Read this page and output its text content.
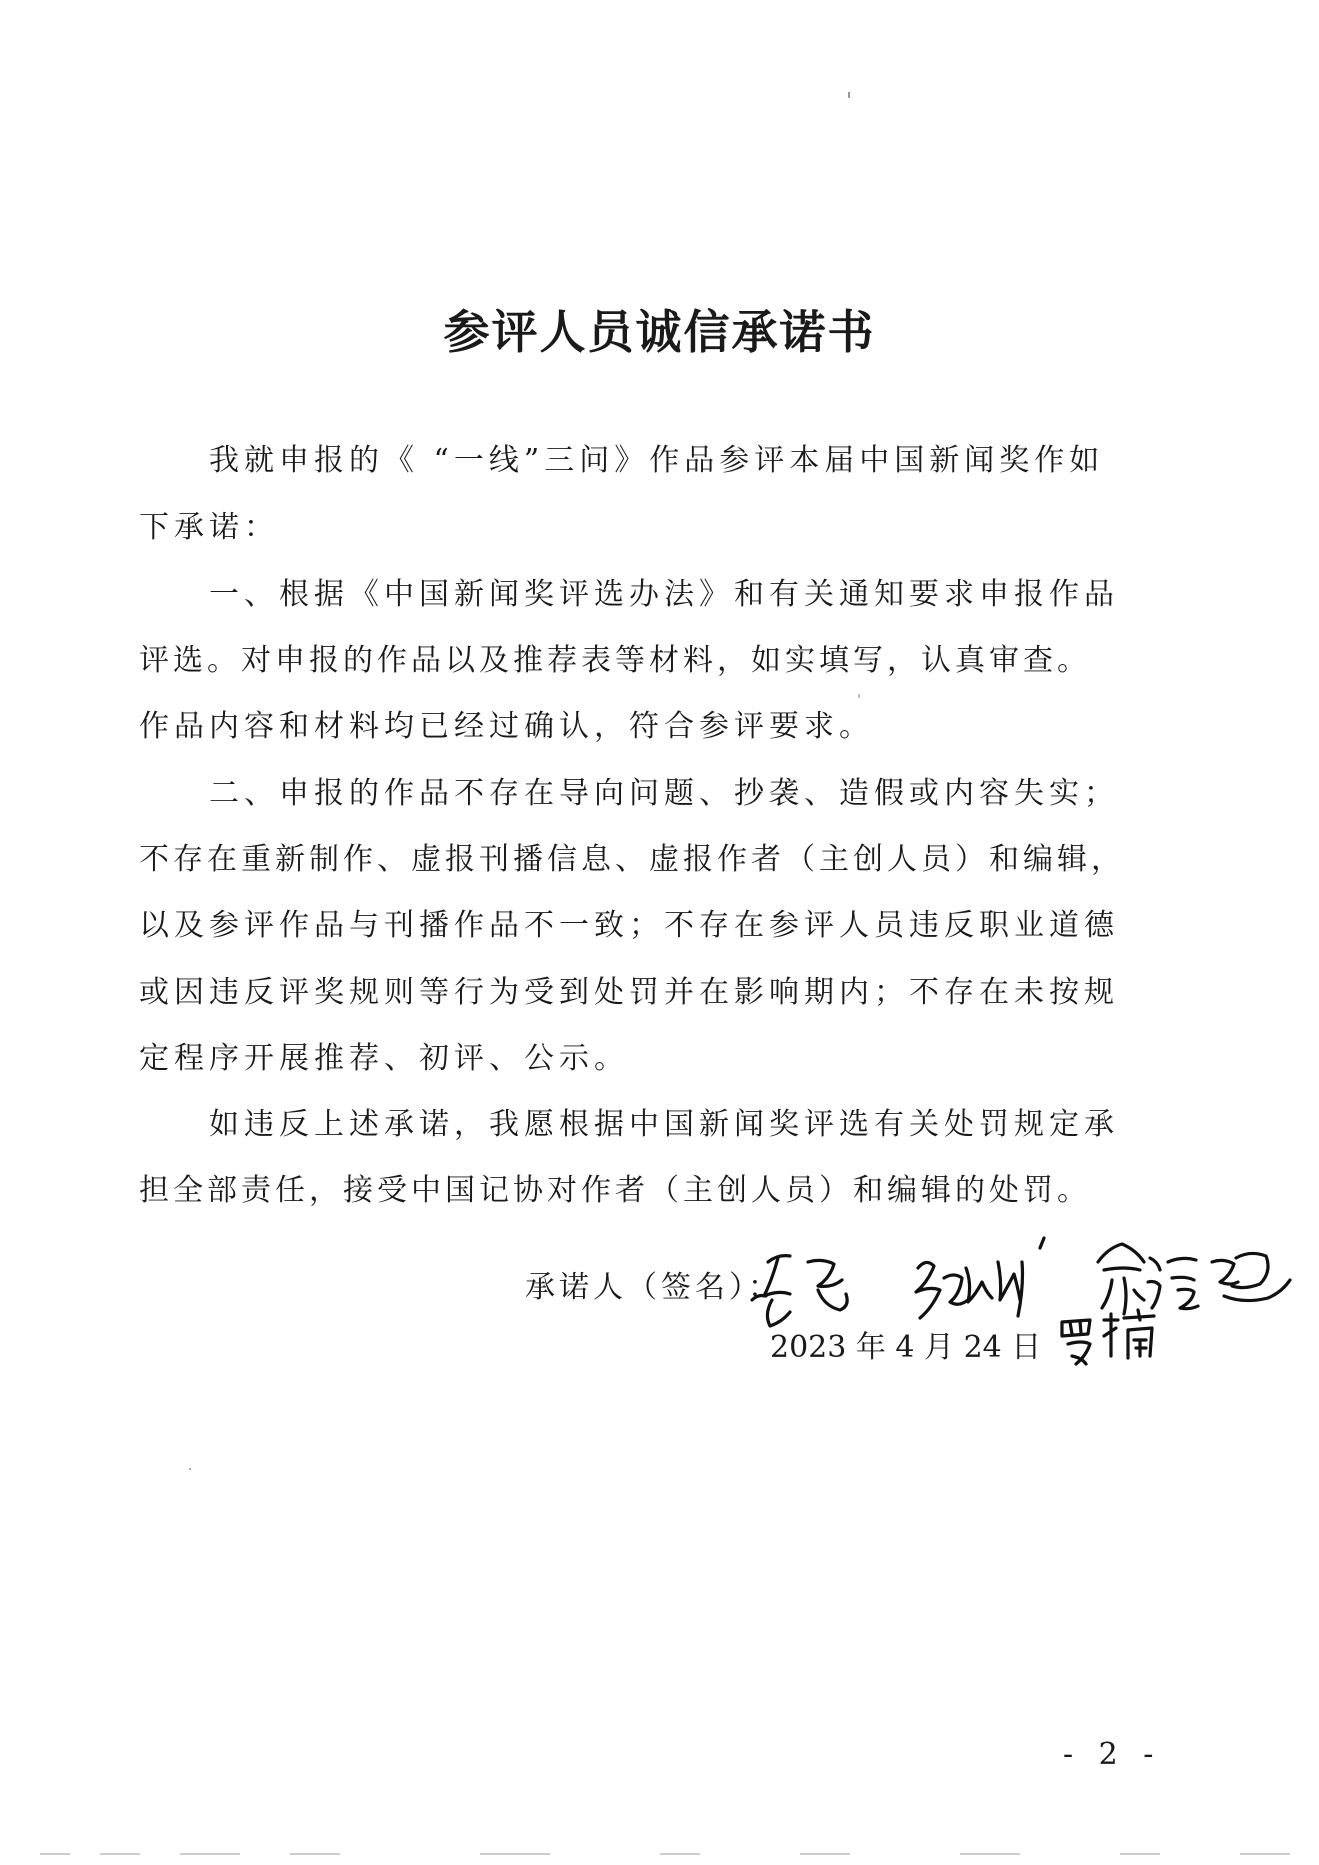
参评人员诚信承诺书
我就申报的《 “一线”三问》作品参评本届中国新闻奖作如
下承诺：
一、根据《中国新闻奖评选办法》和有关通知要求申报作品
评选。对申报的作品以及推荐表等材料，如实填写，认真审查。
作品内容和材料均已经过确认，符合参评要求。
二、申报的作品不存在导向问题、抄袭、造假或内容失实；
不存在重新制作、虚报刊播信息、虚报作者（主创人员）和编辑，
以及参评作品与刊播作品不一致；不存在参评人员违反职业道德
或因违反评奖规则等行为受到处罚并在影响期内；不存在未按规
定程序开展推荐、初评、公示。
如违反上述承诺，我愿根据中国新闻奖评选有关处罚规定承
担全部责任，接受中国记协对作者（主创人员）和编辑的处罚。
承诺人（签名）：
2023 年 4 月 24 日
- 2 -
